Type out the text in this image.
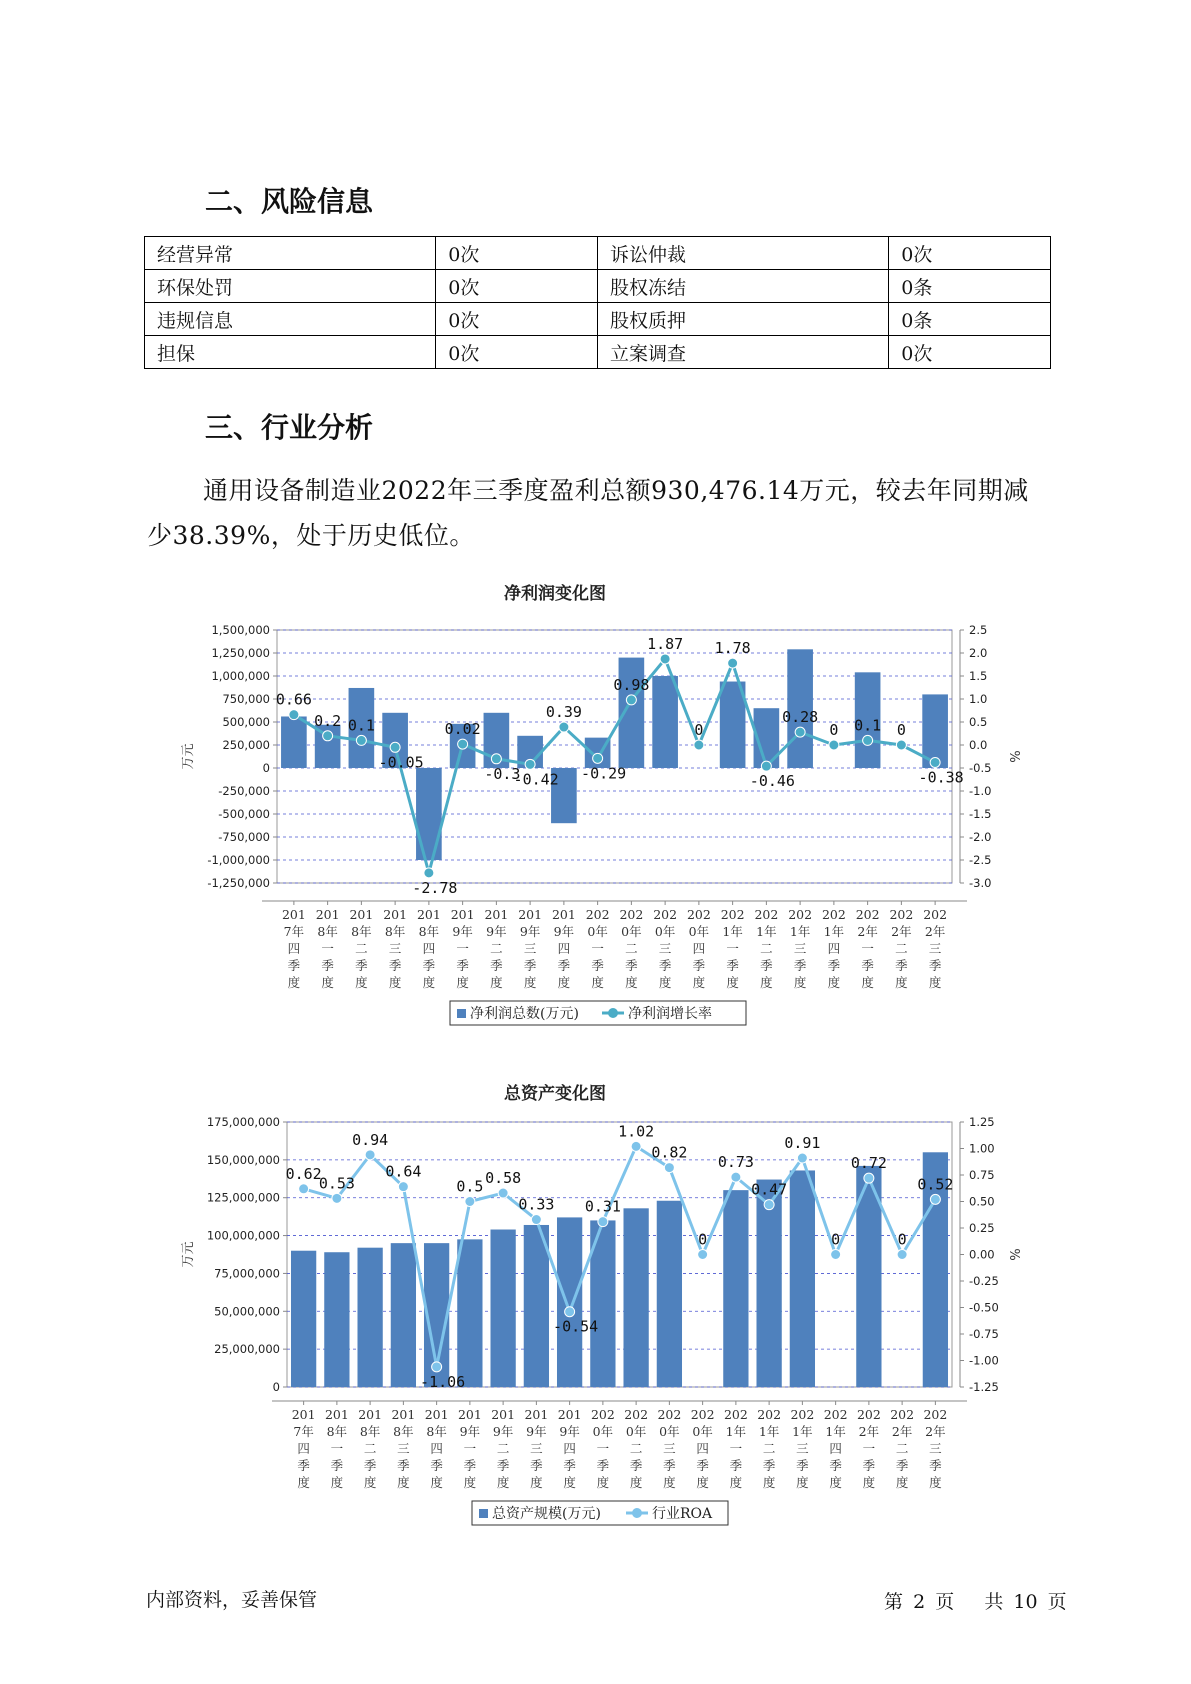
二、风险信息
经营异常	0次	诉讼仲裁	0次
环保处罚	0次	股权冻结	0条
违规信息	0次	股权质押	0条
担保	0次	立案调查	0次
三、行业分析

通用设备制造业2022年三季度盈利总额930,476.14万元，较去年同期减少38.39%，处于历史低位。

净利润变化图
1,500,000
1,250,000
1,000,000
750,000
500,000
250,000
0
-250,000
-500,000
-750,000
-1,000,000
-1,250,000
2.5
2.0
1.5
1.0
0.5
0.0
-0.5
-1.0
-1.5
-2.0
-2.5
-3.0
万元	%
0.66
0.2 0.1
-0.05
-2.78
0.02
-0.3
-0.42
0.39
-0.29
0.98
1.87
0
1.78
-0.46
0.28
0 0.1 0
-0.38
201 7年四季度
201 8年一季度
201 8年二季度
201 8年三季度
201 8年四季度
201 9年一季度
201 9年二季度
201 9年三季度
201 9年四季度
202 0年一季度
202 0年二季度
202 0年三季度
202 0年四季度
202 1年一季度
202 1年二季度
202 1年三季度
202 1年四季度
202 2年一季度
202 2年二季度
202 2年三季度
净利润总数(万元)	净利润增长率
总资产变化图
175,000,000
150,000,000
125,000,000
100,000,000
75,000,000
50,000,000
25,000,000
0
1.25
1.00
0.75
0.50
0.25
0.00
-0.25
-0.50
-0.75
-1.00
-1.25
万元	%
0.62
0.53
0.94
0.64
-1.06
0.5 0.58
0.33
-0.54
0.31
1.02
0.82
0
0.73
0.47
0.91
0
0.72
0
0.52
201 7年四季度
201 8年一季度
201 8年二季度
201 8年三季度
201 8年四季度
201 9年一季度
201 9年二季度
201 9年三季度
201 9年四季度
202 0年一季度
202 0年二季度
202 0年三季度
202 0年四季度
202 1年一季度
202 1年二季度
202 1年三季度
202 1年四季度
202 2年一季度
202 2年二季度
202 2年三季度
总资产规模(万元)	行业ROA
内部资料，妥善保管	第 2 页 共 10 页
